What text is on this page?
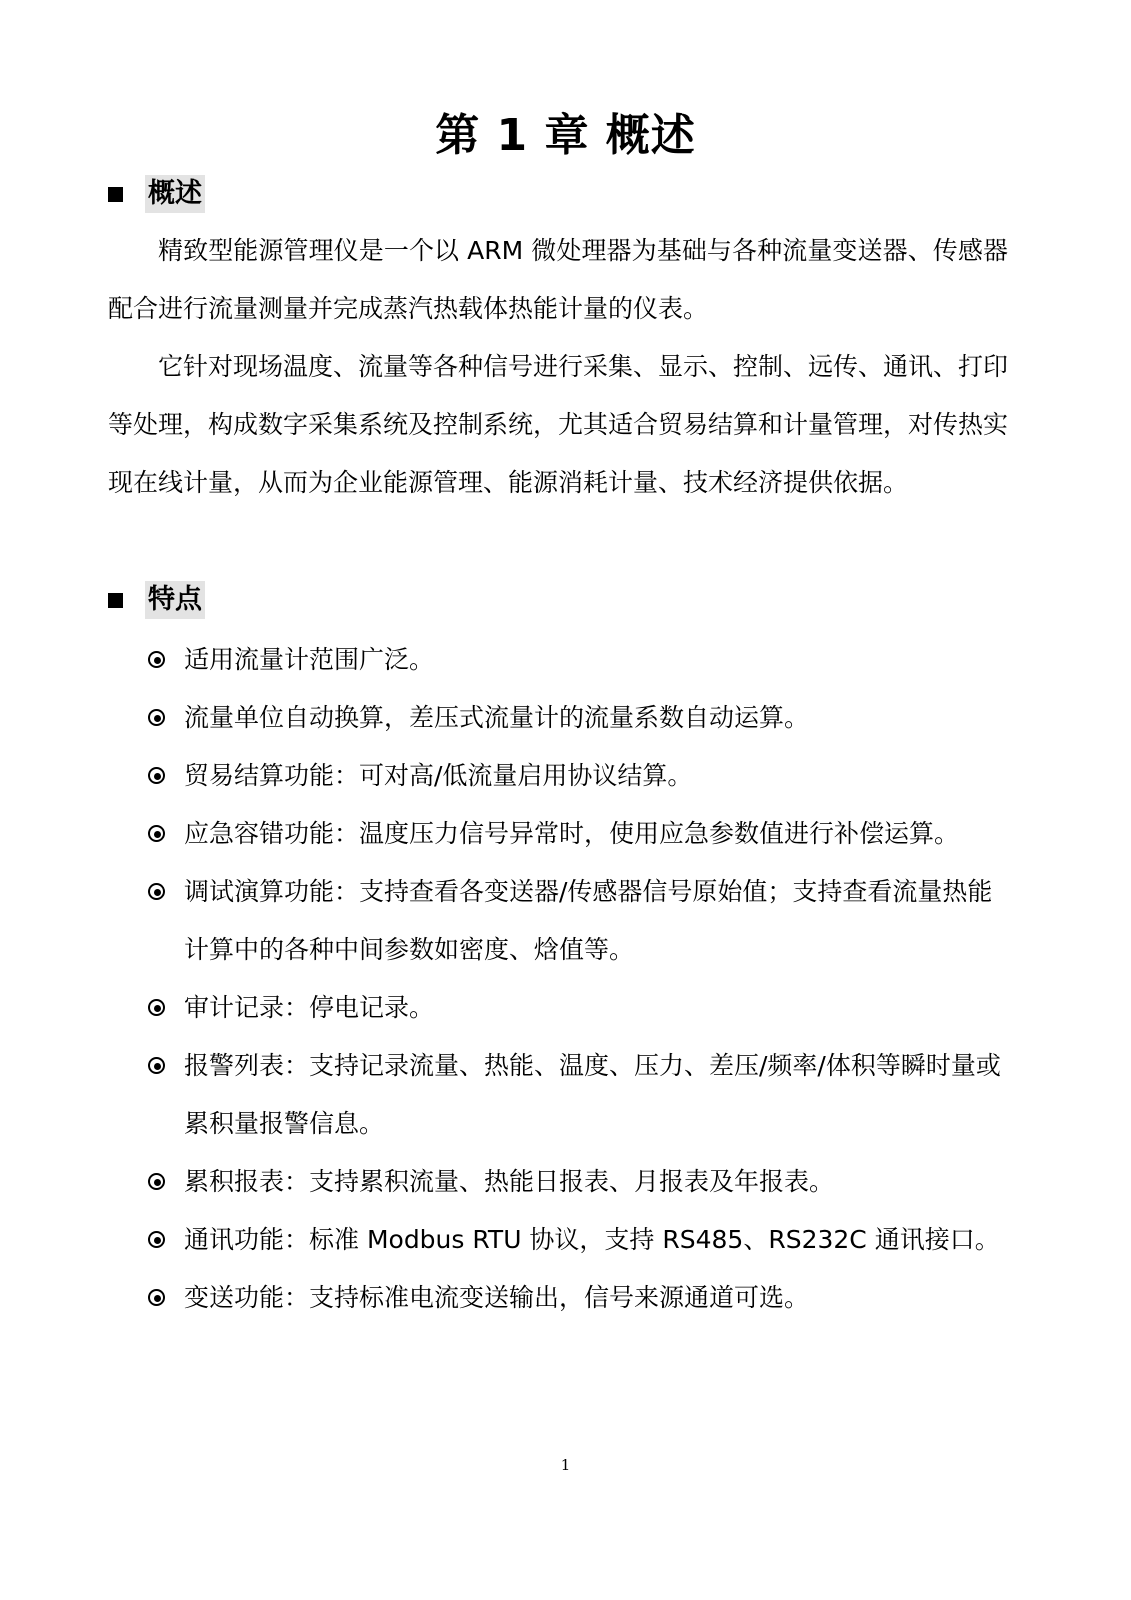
第 1 章 概述
概述

精致型能源管理仪是一个以 ARM 微处理器为基础与各种流量变送器、传感器配合进行流量测量并完成蒸汽热载体热能计量的仪表。

它针对现场温度、流量等各种信号进行采集、显示、控制、远传、通讯、打印等处理，构成数字采集系统及控制系统，尤其适合贸易结算和计量管理，对传热实现在线计量，从而为企业能源管理、能源消耗计量、技术经济提供依据。

特点
适用流量计范围广泛。
流量单位自动换算，差压式流量计的流量系数自动运算。
贸易结算功能：可对高/低流量启用协议结算。
应急容错功能：温度压力信号异常时，使用应急参数值进行补偿运算。
调试演算功能：支持查看各变送器/传感器信号原始值；支持查看流量热能计算中的各种中间参数如密度、焓值等。
审计记录：停电记录。
报警列表：支持记录流量、热能、温度、压力、差压/频率/体积等瞬时量或累积量报警信息。
累积报表：支持累积流量、热能日报表、月报表及年报表。
通讯功能：标准 Modbus RTU 协议，支持 RS485、RS232C 通讯接口。
变送功能：支持标准电流变送输出，信号来源通道可选。
1
